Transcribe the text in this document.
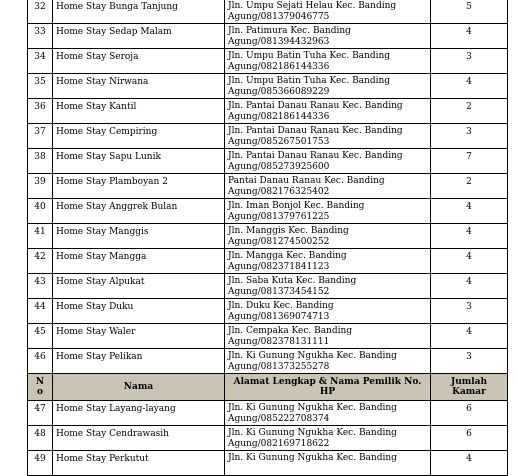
32	Home Stay Bunga Tanjung	Jln. Umpu Sejati Helau Kec. Banding
Agung/081379046775	5
33	Home Stay Sedap Malam	Jln. Patimura Kec. Banding
Agung/081394432963	4
34	Home Stay Seroja	Jln. Umpu Batin Tuha Kec. Banding
Agung/082186144336	3
35	Home Stay Nirwana	Jln. Umpu Batin Tuha Kec. Banding
Agung/085366089229	4
36	Home Stay Kantil	Jln. Pantai Danau Ranau Kec. Banding
Agung/082186144336	2
37	Home Stay Cempiring	Jln. Pantai Danau Ranau Kec. Banding
Agung/085267501753	3
38	Home Stay Sapu Lunik	Jln. Pantai Danau Ranau Kec. Banding
Agung/085273925600	7
39	Home Stay Plamboyan 2	Pantai Danau Ranau Kec. Banding
Agung/082176325402	2
40	Home Stay Anggrek Bulan	Jln. Iman Bonjol Kec. Banding
Agung/081379761225	4
41	Home Stay Manggis	Jln. Manggis Kec. Banding
Agung/081274500252	4
42	Home Stay Mangga	Jln. Mangga Kec. Banding
Agung/082371841123	4
43	Home Stay Alpukat	Jln. Saba Kuta Kec. Banding
Agung/081373454152	4
44	Home Stay Duku	Jln. Duku Kec. Banding
Agung/081369074713	3
45	Home Stay Waler	Jln. Cempaka Kec. Banding
Agung/082378131111	4
46	Home Stay Pelikan	Jln. Ki Gunung Ngukha Kec. Banding
Agung/081373255278	3
N
o	Nama	Alamat Lengkap & Nama Pemilik No. HP	Jumlah Kamar
47	Home Stay Layang-layang	Jln. Ki Gunung Ngukha Kec. Banding
Agung/085222708374	6
48	Home Stay Cendrawasih	Jln. Ki Gunung Ngukha Kec. Banding
Agung/082169718622	6
49	Home Stay Perkutut	Jln. Ki Gunung Ngukha Kec. Banding	4
